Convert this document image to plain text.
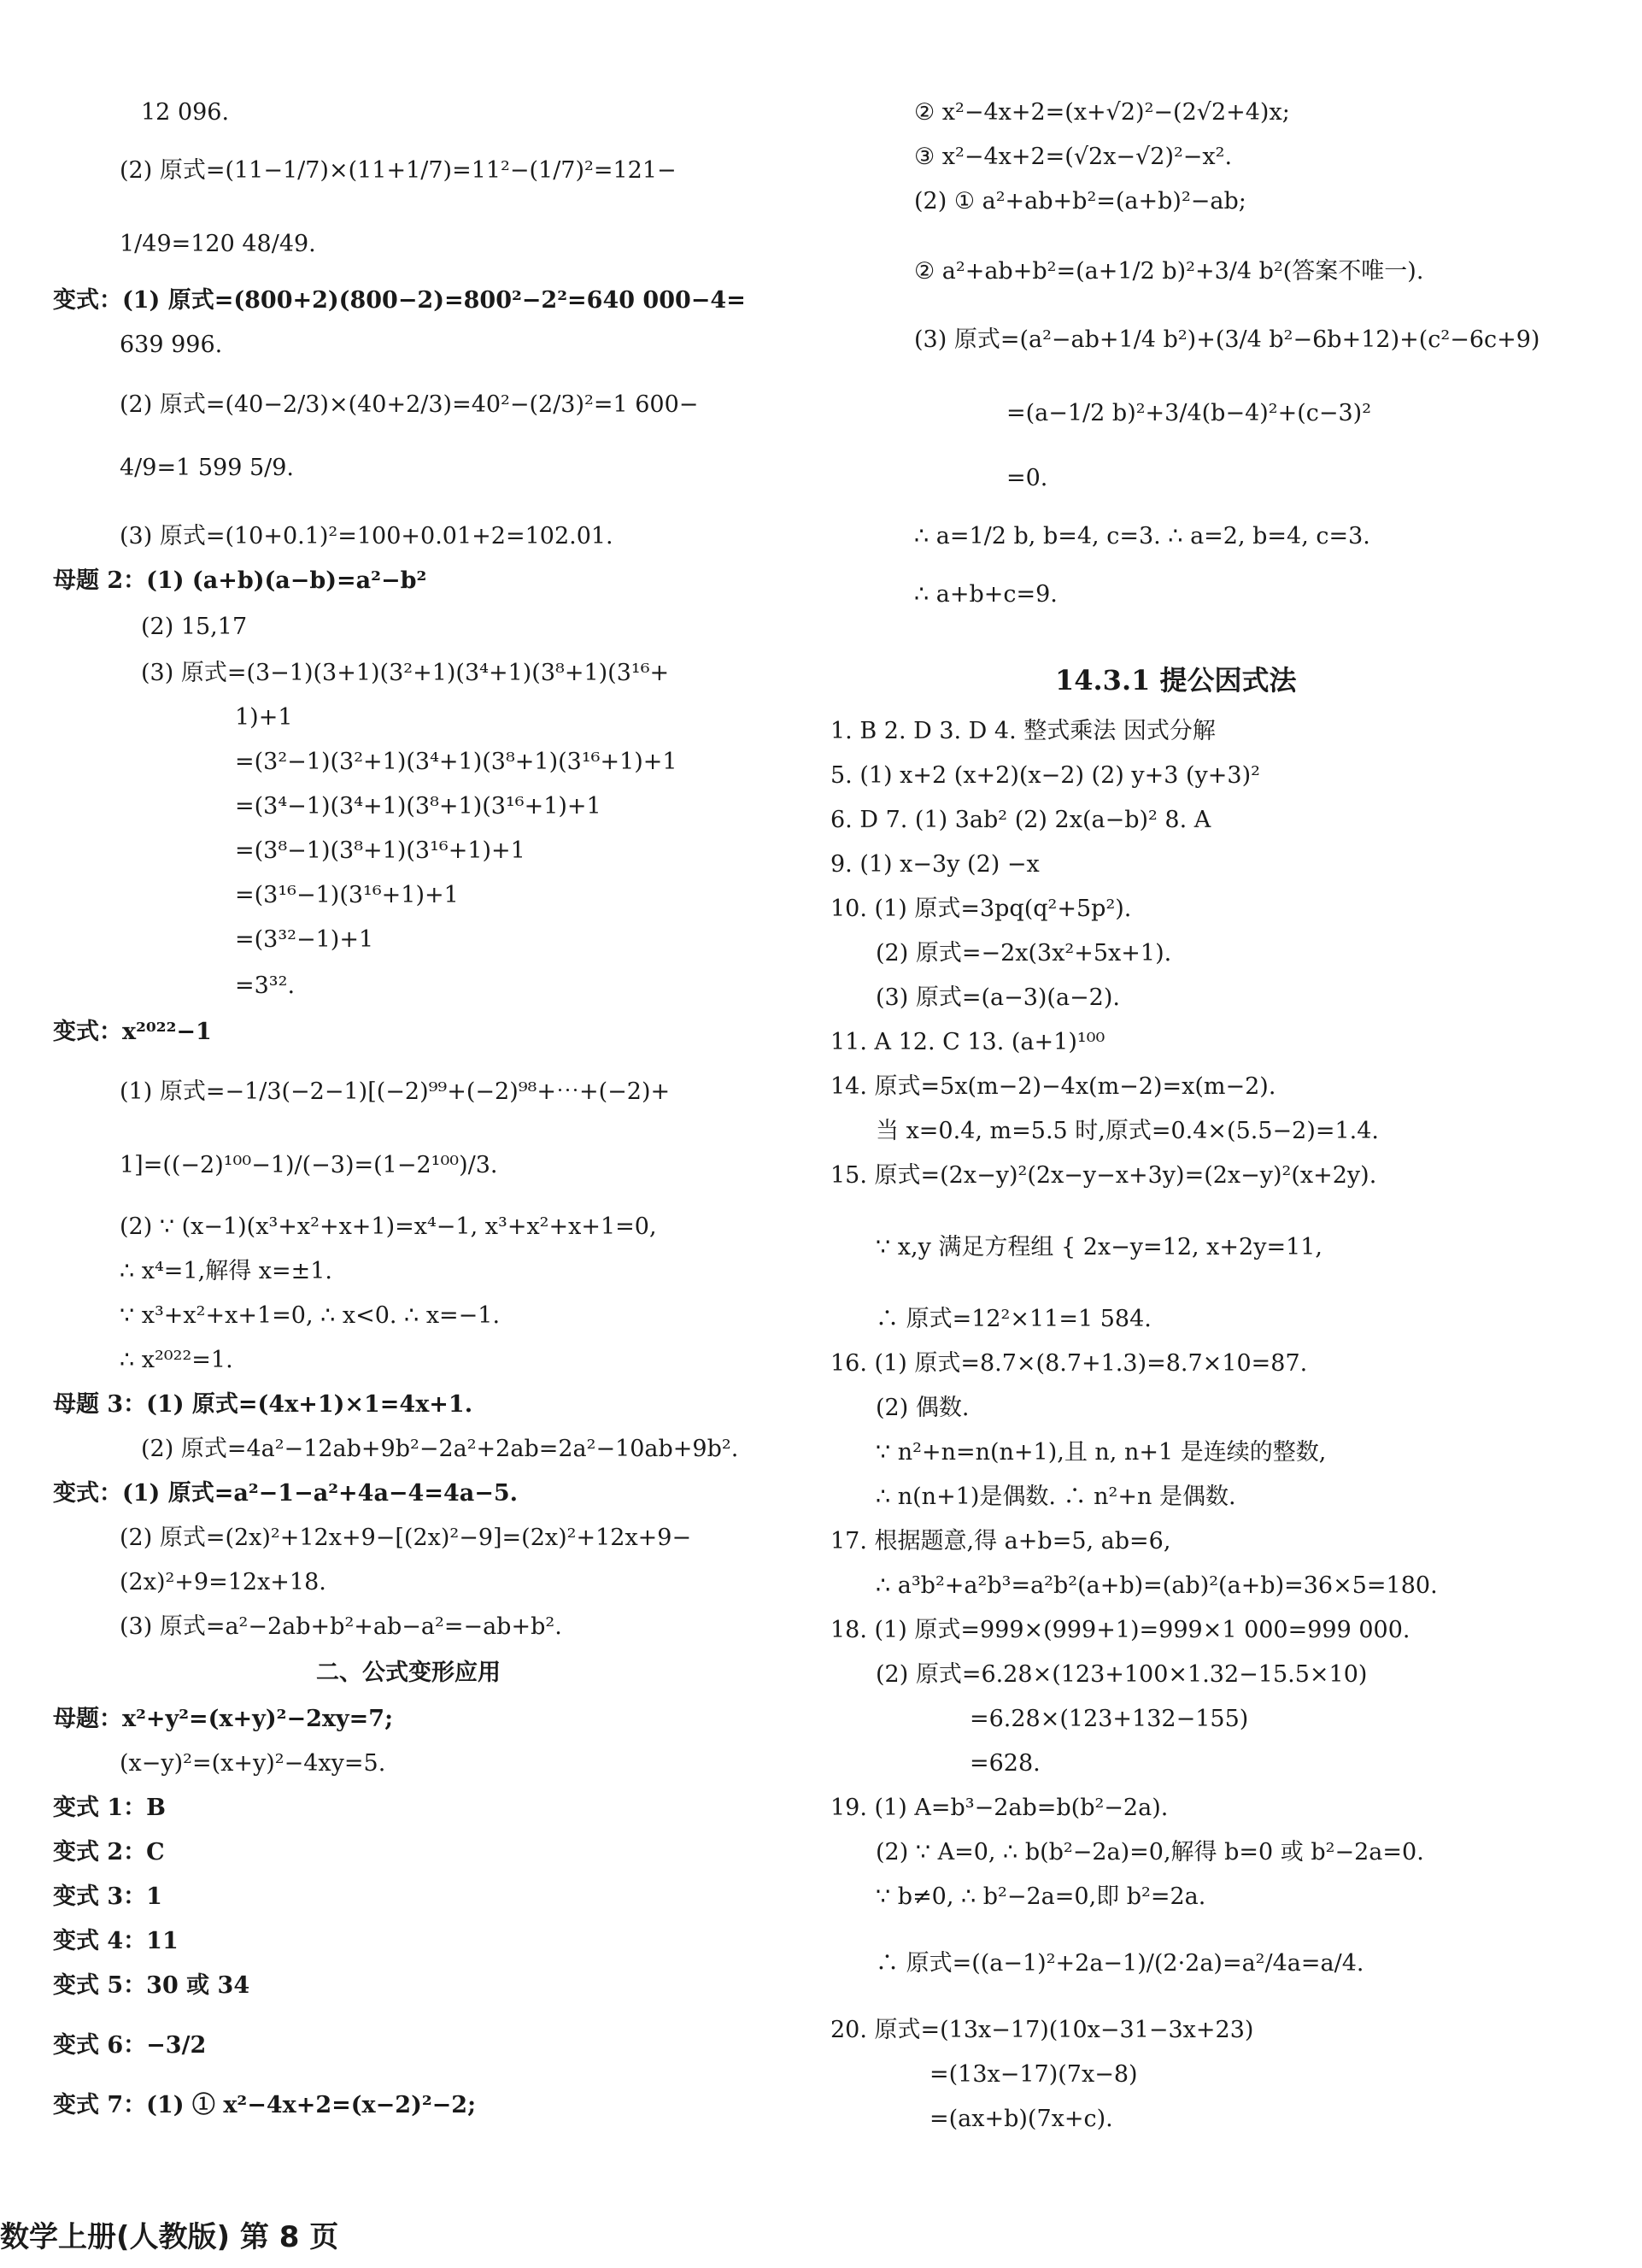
12 096.
(2) 原式=(11−1/7)×(11+1/7)=11²−(1/7)²=121−
1/49=120 48/49.
变式：(1) 原式=(800+2)(800−2)=800²−2²=640 000−4=
639 996.
(2) 原式=(40−2/3)×(40+2/3)=40²−(2/3)²=1 600−
4/9=1 599 5/9.
(3) 原式=(10+0.1)²=100+0.01+2=102.01.
母题 2：(1) (a+b)(a−b)=a²−b²
(2) 15,17
(3) 原式=(3−1)(3+1)(3²+1)(3⁴+1)(3⁸+1)(3¹⁶+
1)+1
=(3²−1)(3²+1)(3⁴+1)(3⁸+1)(3¹⁶+1)+1
=(3⁴−1)(3⁴+1)(3⁸+1)(3¹⁶+1)+1
=(3⁸−1)(3⁸+1)(3¹⁶+1)+1
=(3¹⁶−1)(3¹⁶+1)+1
=(3³²−1)+1
=3³².
变式：x²⁰²²−1
(1) 原式=−1/3(−2−1)[(−2)⁹⁹+(−2)⁹⁸+⋯+(−2)+
1]=((−2)¹⁰⁰−1)/(−3)=(1−2¹⁰⁰)/3.
(2) ∵ (x−1)(x³+x²+x+1)=x⁴−1, x³+x²+x+1=0,
∴ x⁴=1,解得 x=±1.
∵ x³+x²+x+1=0, ∴ x<0. ∴ x=−1.
∴ x²⁰²²=1.
母题 3：(1) 原式=(4x+1)×1=4x+1.
(2) 原式=4a²−12ab+9b²−2a²+2ab=2a²−10ab+9b².
变式：(1) 原式=a²−1−a²+4a−4=4a−5.
(2) 原式=(2x)²+12x+9−[(2x)²−9]=(2x)²+12x+9−
(2x)²+9=12x+18.
(3) 原式=a²−2ab+b²+ab−a²=−ab+b².
二、公式变形应用
母题：x²+y²=(x+y)²−2xy=7;
(x−y)²=(x+y)²−4xy=5.
变式 1：B
变式 2：C
变式 3：1
变式 4：11
变式 5：30 或 34
变式 6：−3/2
变式 7：(1) ① x²−4x+2=(x−2)²−2;
② x²−4x+2=(x+√2)²−(2√2+4)x;
③ x²−4x+2=(√2x−√2)²−x².
(2) ① a²+ab+b²=(a+b)²−ab;
② a²+ab+b²=(a+1/2 b)²+3/4 b²(答案不唯一).
(3) 原式=(a²−ab+1/4 b²)+(3/4 b²−6b+12)+(c²−6c+9)
=(a−1/2 b)²+3/4(b−4)²+(c−3)²
=0.
∴ a=1/2 b, b=4, c=3. ∴ a=2, b=4, c=3.
∴ a+b+c=9.
14.3.1 提公因式法
1. B 2. D 3. D 4. 整式乘法 因式分解
5. (1) x+2 (x+2)(x−2) (2) y+3 (y+3)²
6. D 7. (1) 3ab² (2) 2x(a−b)² 8. A
9. (1) x−3y (2) −x
10. (1) 原式=3pq(q²+5p²).
(2) 原式=−2x(3x²+5x+1).
(3) 原式=(a−3)(a−2).
11. A 12. C 13. (a+1)¹⁰⁰
14. 原式=5x(m−2)−4x(m−2)=x(m−2).
当 x=0.4, m=5.5 时,原式=0.4×(5.5−2)=1.4.
15. 原式=(2x−y)²(2x−y−x+3y)=(2x−y)²(x+2y).
∵ x,y 满足方程组 { 2x−y=12, x+2y=11,
∴ 原式=12²×11=1 584.
16. (1) 原式=8.7×(8.7+1.3)=8.7×10=87.
(2) 偶数.
∵ n²+n=n(n+1),且 n, n+1 是连续的整数,
∴ n(n+1)是偶数. ∴ n²+n 是偶数.
17. 根据题意,得 a+b=5, ab=6,
∴ a³b²+a²b³=a²b²(a+b)=(ab)²(a+b)=36×5=180.
18. (1) 原式=999×(999+1)=999×1 000=999 000.
(2) 原式=6.28×(123+100×1.32−15.5×10)
=6.28×(123+132−155)
=628.
19. (1) A=b³−2ab=b(b²−2a).
(2) ∵ A=0, ∴ b(b²−2a)=0,解得 b=0 或 b²−2a=0.
∵ b≠0, ∴ b²−2a=0,即 b²=2a.
∴ 原式=((a−1)²+2a−1)/(2·2a)=a²/4a=a/4.
20. 原式=(13x−17)(10x−31−3x+23)
=(13x−17)(7x−8)
=(ax+b)(7x+c).
数学上册(人教版) 第 8 页
